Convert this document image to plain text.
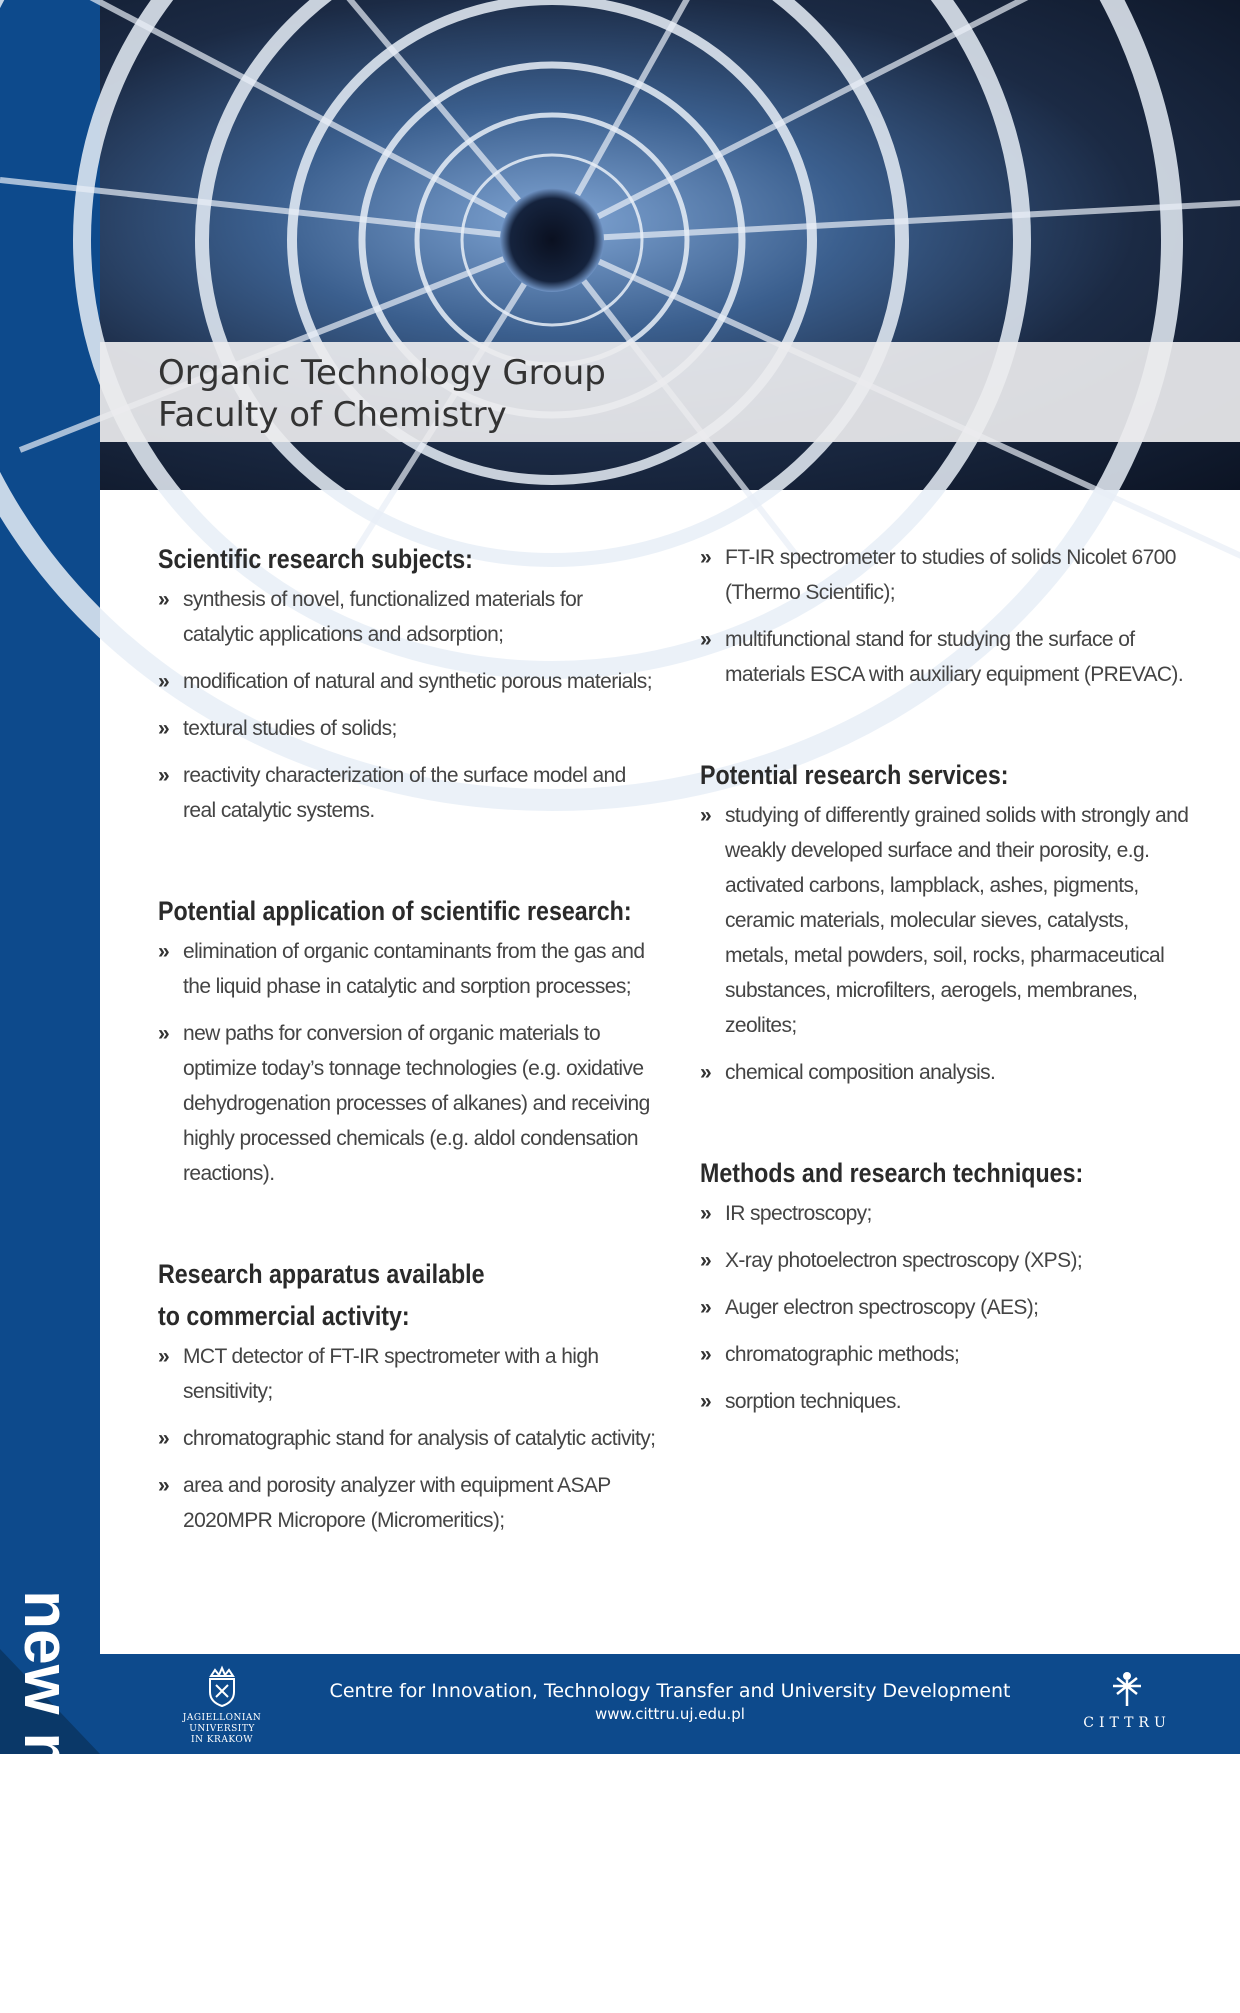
new materials
Organic Technology Group
Faculty of Chemistry
Scientific research subjects:
» synthesis of novel, functionalized materials for catalytic applications and adsorption;
» modification of natural and synthetic porous materials;
» textural studies of solids;
» reactivity characterization of the surface model and real catalytic systems.
Potential application of scientific research:
» elimination of organic contaminants from the gas and the liquid phase in catalytic and sorption processes;
» new paths for conversion of organic materials to optimize today’s tonnage technologies (e.g. oxidative dehydrogenation processes of alkanes) and receiving highly processed chemicals (e.g. aldol condensation reactions).
Research apparatus available
to commercial activity:
» MCT detector of FT-IR spectrometer with a high sensitivity;
» chromatographic stand for analysis of catalytic activity;
» area and porosity analyzer with equipment ASAP 2020MPR Micropore (Micromeritics);
» FT-IR spectrometer to studies of solids Nicolet 6700 (Thermo Scientific);
» multifunctional stand for studying the surface of materials ESCA with auxiliary equipment (PREVAC).
Potential research services:
» studying of differently grained solids with strongly and weakly developed surface and their porosity, e.g. activated carbons, lampblack, ashes, pigments, ceramic materials, molecular sieves, catalysts, metals, metal powders, soil, rocks, pharmaceutical substances, microfilters, aerogels, membranes, zeolites;
» chemical composition analysis.
Methods and research techniques:
» IR spectroscopy;
» X-ray photoelectron spectroscopy (XPS);
» Auger electron spectroscopy (AES);
» chromatographic methods;
» sorption techniques.
JAGIELLONIAN UNIVERSITY
IN KRAKOW
Centre for Innovation, Technology Transfer and University Development
www.cittru.uj.edu.pl	CITTRU
